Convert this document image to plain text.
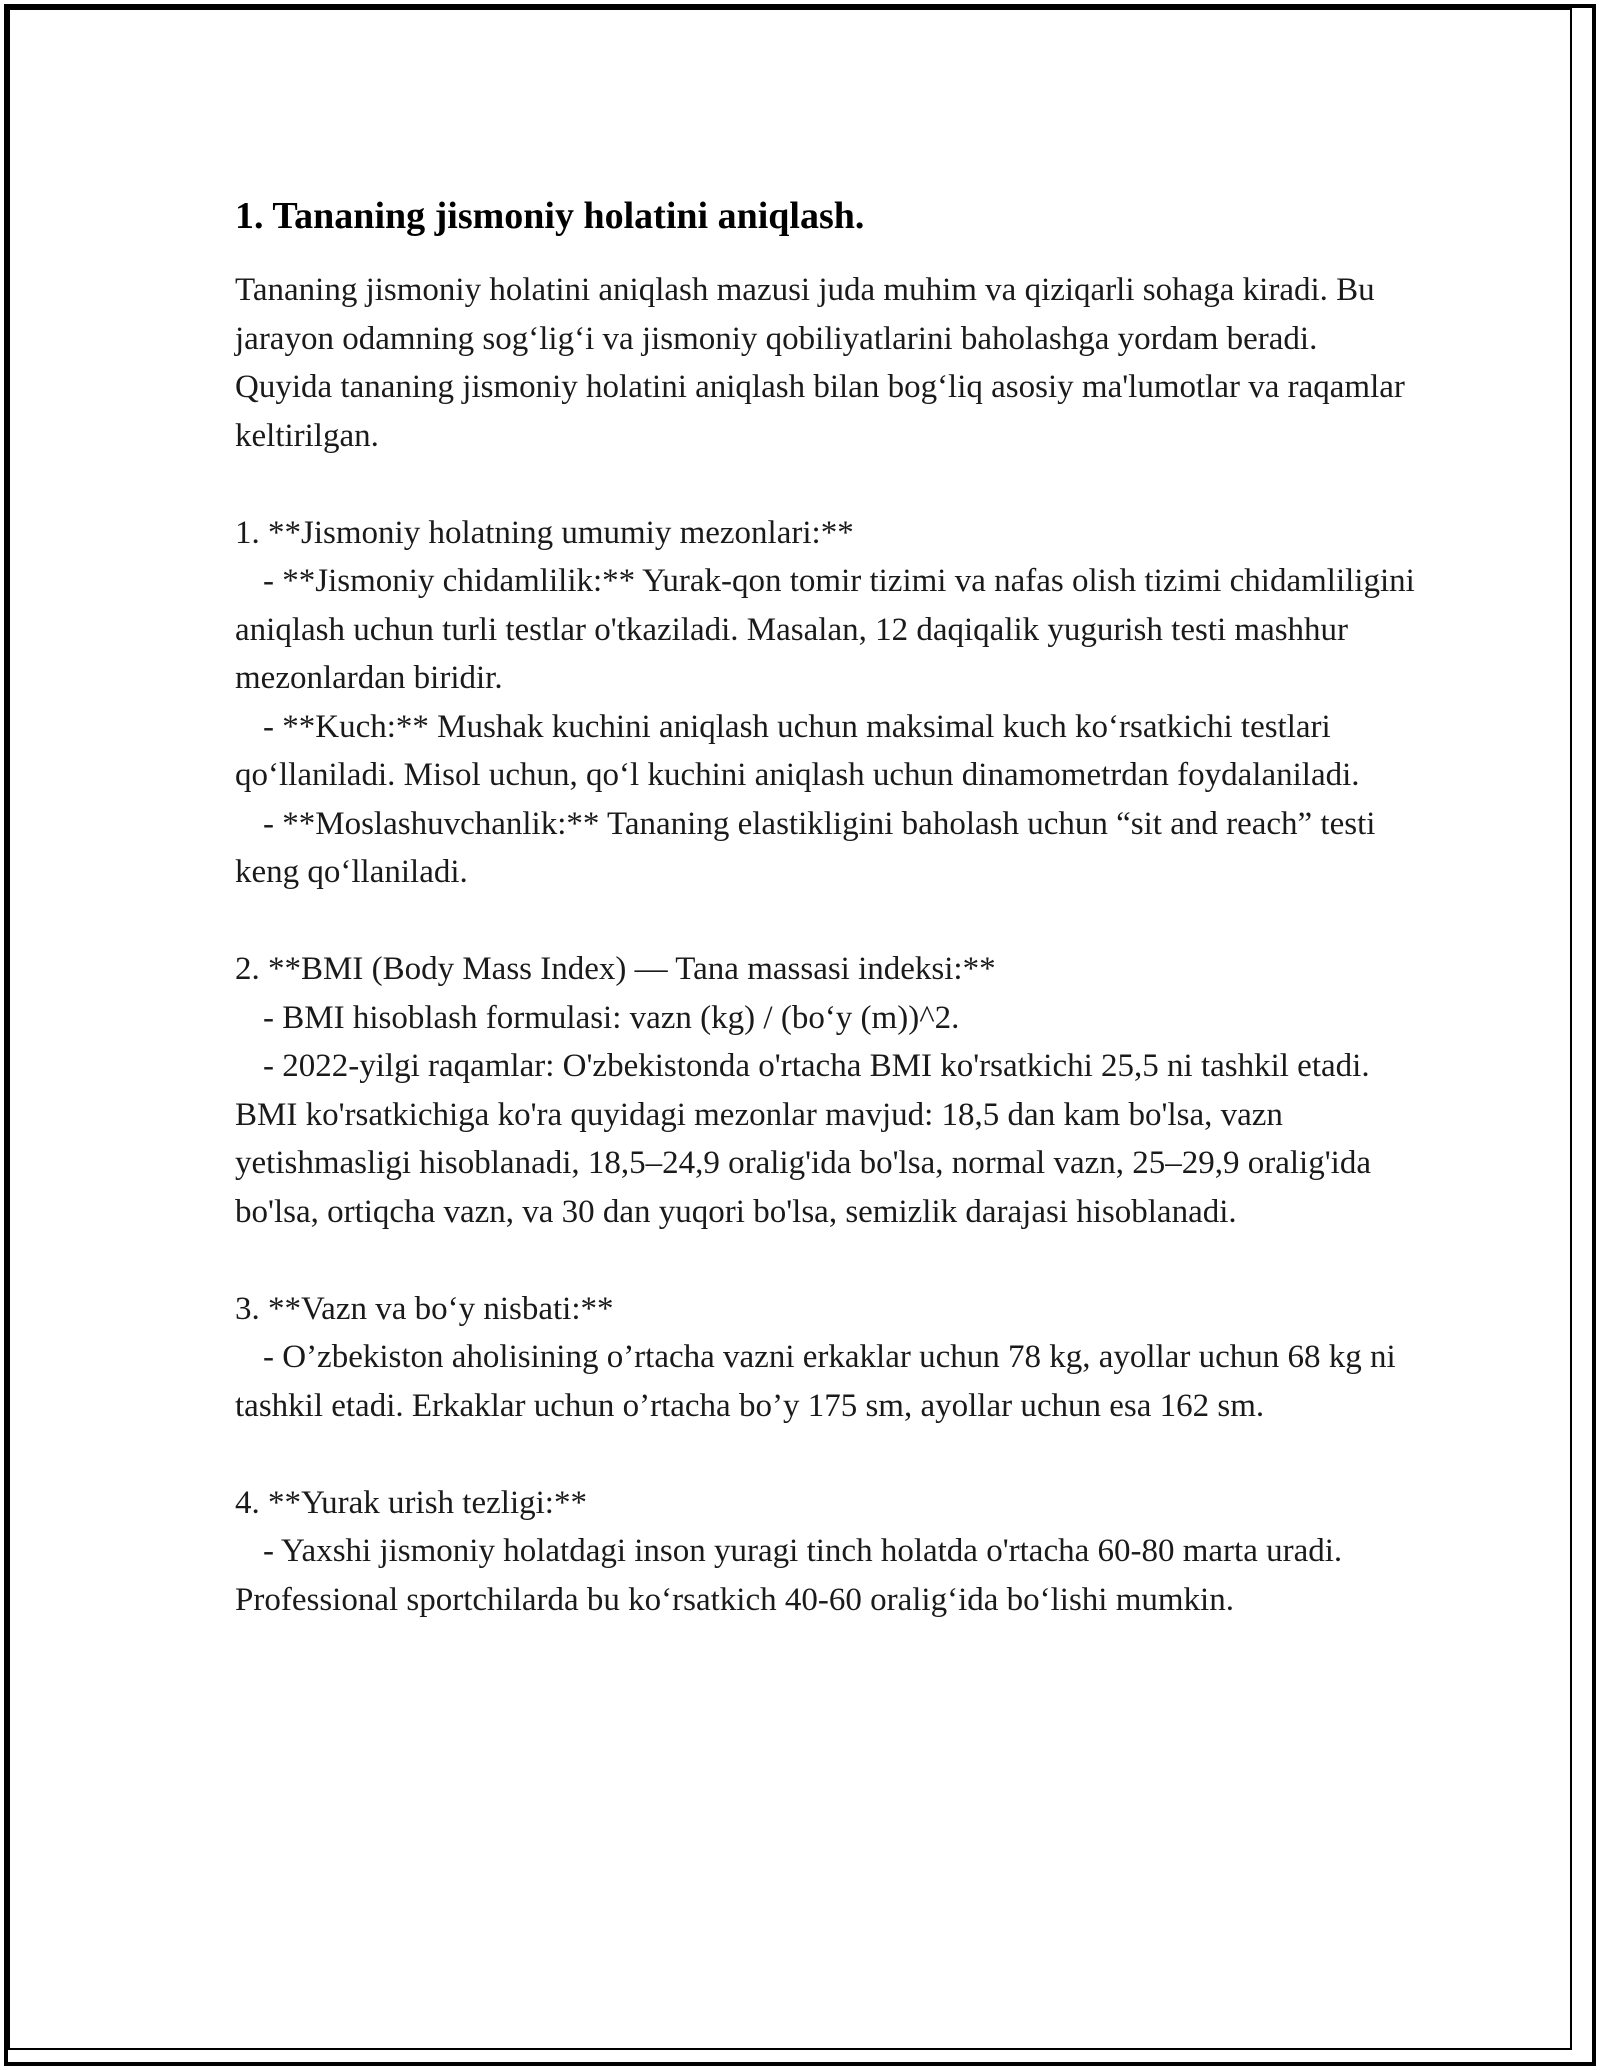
1. Tananing jismoniy holatini aniqlash.

Tananing jismoniy holatini aniqlash mazusi juda muhim va qiziqarli sohaga kiradi. Bu jarayon odamning sog‘lig‘i va jismoniy qobiliyatlarini baholashga yordam beradi. Quyida tananing jismoniy holatini aniqlash bilan bog‘liq asosiy ma'lumotlar va raqamlar keltirilgan.

1. **Jismoniy holatning umumiy mezonlari:**

- **Jismoniy chidamlilik:** Yurak-qon tomir tizimi va nafas olish tizimi chidamliligini aniqlash uchun turli testlar o'tkaziladi. Masalan, 12 daqiqalik yugurish testi mashhur mezonlardan biridir.

- **Kuch:** Mushak kuchini aniqlash uchun maksimal kuch ko‘rsatkichi testlari qo‘llaniladi. Misol uchun, qo‘l kuchini aniqlash uchun dinamometrdan foydalaniladi.

- **Moslashuvchanlik:** Tananing elastikligini baholash uchun “sit and reach” testi keng qo‘llaniladi.

2. **BMI (Body Mass Index) — Tana massasi indeksi:**

- BMI hisoblash formulasi: vazn (kg) / (bo‘y (m))^2.

- 2022-yilgi raqamlar: O'zbekistonda o'rtacha BMI ko'rsatkichi 25,5 ni tashkil etadi. BMI ko'rsatkichiga ko'ra quyidagi mezonlar mavjud: 18,5 dan kam bo'lsa, vazn yetishmasligi hisoblanadi, 18,5–24,9 oralig'ida bo'lsa, normal vazn, 25–29,9 oralig'ida bo'lsa, ortiqcha vazn, va 30 dan yuqori bo'lsa, semizlik darajasi hisoblanadi.

3. **Vazn va bo‘y nisbati:**

- O’zbekiston aholisining o’rtacha vazni erkaklar uchun 78 kg, ayollar uchun 68 kg ni tashkil etadi. Erkaklar uchun o’rtacha bo’y 175 sm, ayollar uchun esa 162 sm.

4. **Yurak urish tezligi:**

- Yaxshi jismoniy holatdagi inson yuragi tinch holatda o'rtacha 60-80 marta uradi. Professional sportchilarda bu ko‘rsatkich 40-60 oralig‘ida bo‘lishi mumkin.
